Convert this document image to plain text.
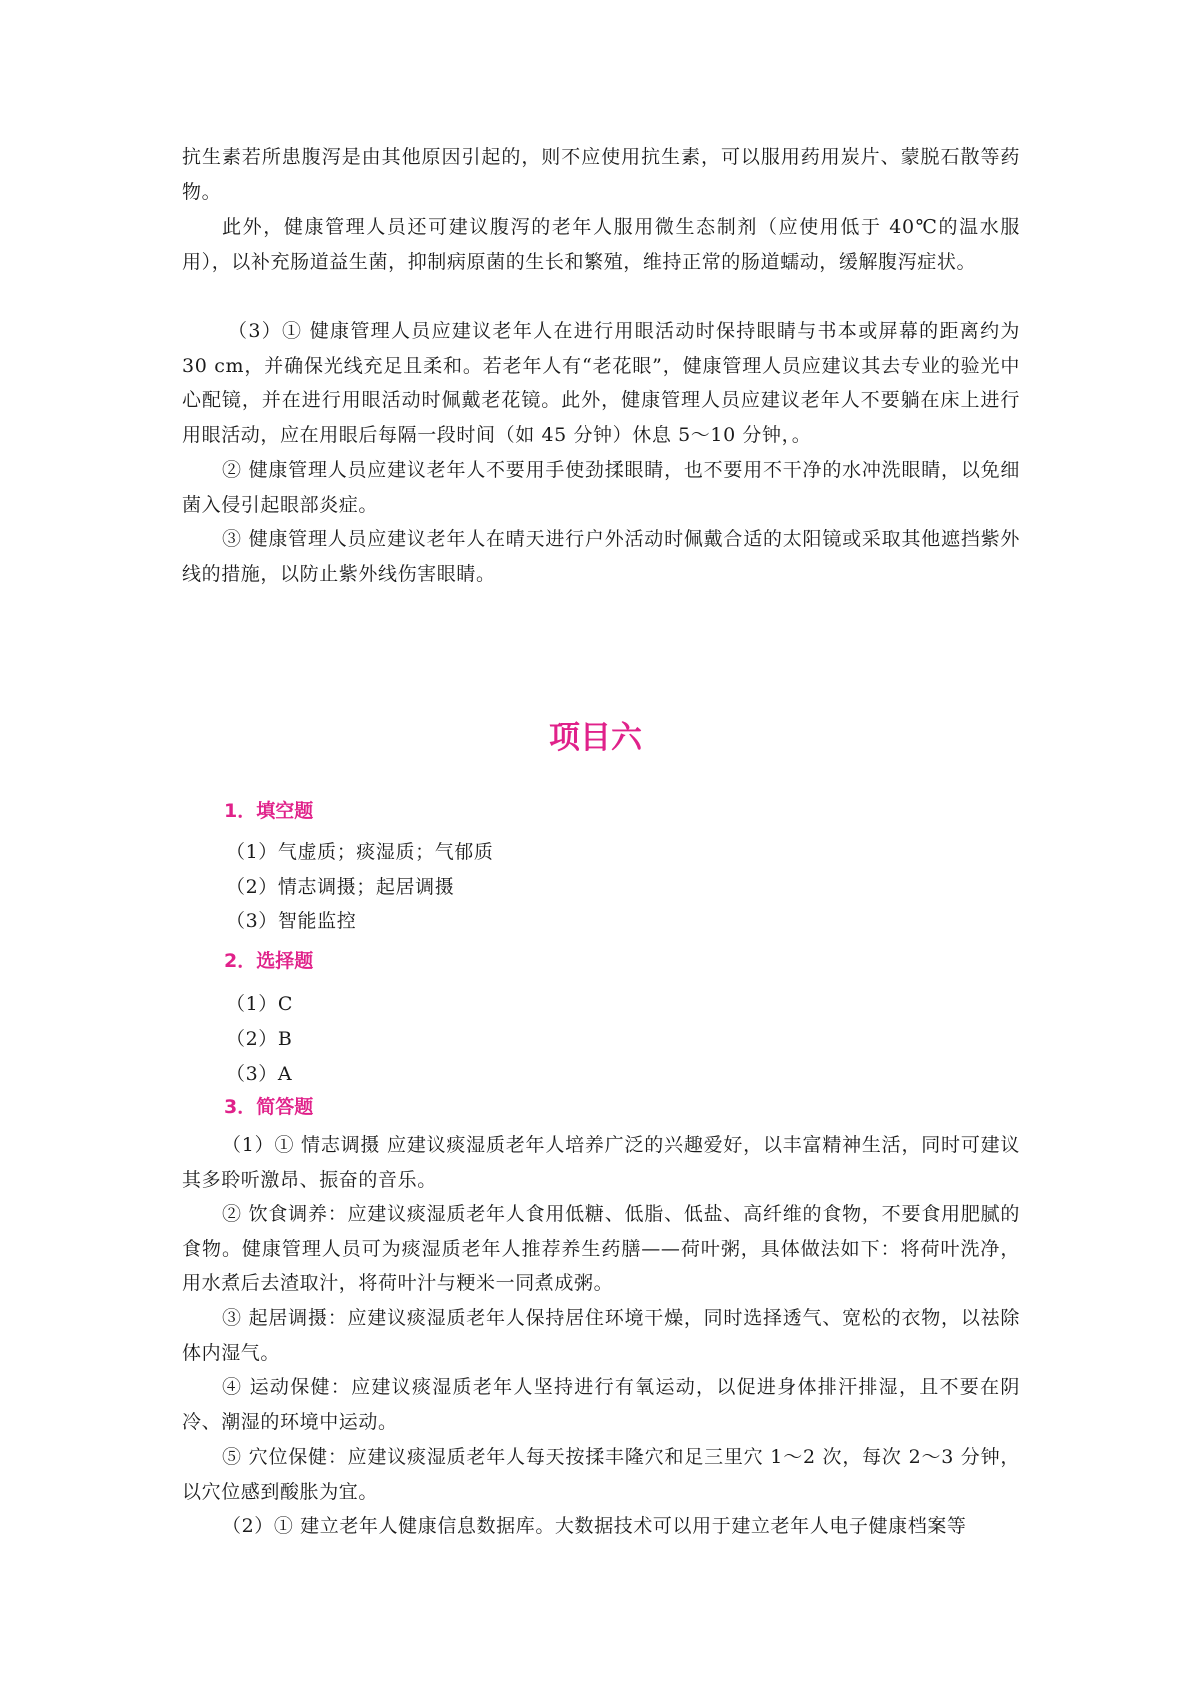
抗生素若所患腹泻是由其他原因引起的，则不应使用抗生素，可以服用药用炭片、蒙脱石散等药物。

此外，健康管理人员还可建议腹泻的老年人服用微生态制剂（应使用低于 40℃的温水服用），以补充肠道益生菌，抑制病原菌的生长和繁殖，维持正常的肠道蠕动，缓解腹泻症状。

（3）① 健康管理人员应建议老年人在进行用眼活动时保持眼睛与书本或屏幕的距离约为 30 cm，并确保光线充足且柔和。若老年人有“老花眼”，健康管理人员应建议其去专业的验光中心配镜，并在进行用眼活动时佩戴老花镜。此外，健康管理人员应建议老年人不要躺在床上进行用眼活动，应在用眼后每隔一段时间（如 45 分钟）休息 5～10 分钟，。

② 健康管理人员应建议老年人不要用手使劲揉眼睛，也不要用不干净的水冲洗眼睛，以免细菌入侵引起眼部炎症。

③ 健康管理人员应建议老年人在晴天进行户外活动时佩戴合适的太阳镜或采取其他遮挡紫外线的措施，以防止紫外线伤害眼睛。

项目六
1．填空题

（1）气虚质；痰湿质；气郁质

（2）情志调摄；起居调摄

（3）智能监控

2．选择题

（1）C

（2）B

（3）A

3．简答题

（1）① 情志调摄 应建议痰湿质老年人培养广泛的兴趣爱好，以丰富精神生活，同时可建议其多聆听激昂、振奋的音乐。

② 饮食调养：应建议痰湿质老年人食用低糖、低脂、低盐、高纤维的食物，不要食用肥腻的食物。健康管理人员可为痰湿质老年人推荐养生药膳——荷叶粥，具体做法如下：将荷叶洗净，用水煮后去渣取汁，将荷叶汁与粳米一同煮成粥。

③ 起居调摄：应建议痰湿质老年人保持居住环境干燥，同时选择透气、宽松的衣物，以祛除体内湿气。

④ 运动保健：应建议痰湿质老年人坚持进行有氧运动，以促进身体排汗排湿，且不要在阴冷、潮湿的环境中运动。

⑤ 穴位保健：应建议痰湿质老年人每天按揉丰隆穴和足三里穴 1～2 次，每次 2～3 分钟，以穴位感到酸胀为宜。

（2）① 建立老年人健康信息数据库。大数据技术可以用于建立老年人电子健康档案等
